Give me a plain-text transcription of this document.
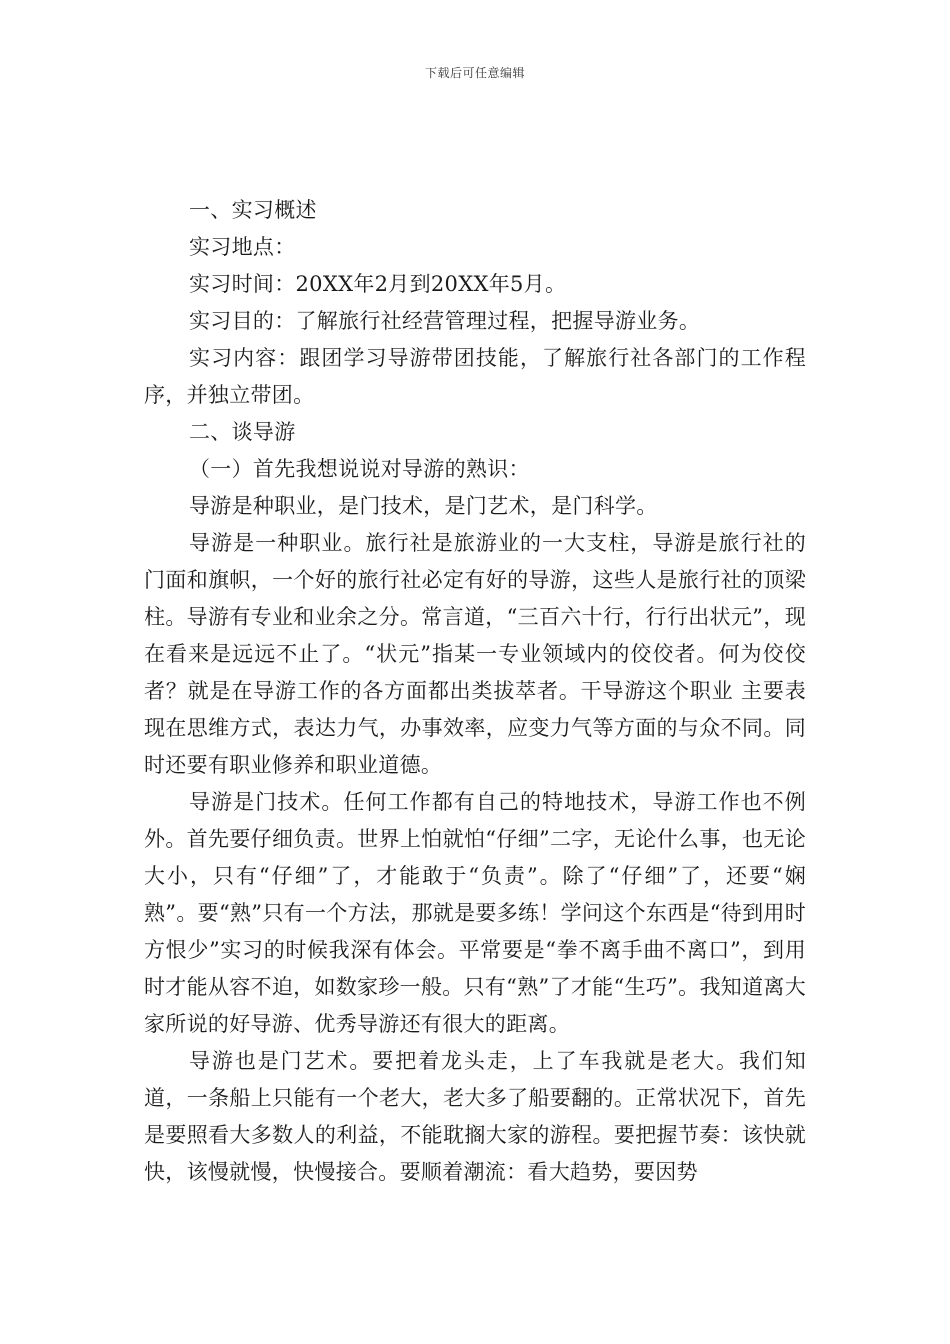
下载后可任意编辑

一、实习概述

实习地点：

实习时间：20XX年2月到20XX年5月。

实习目的：了解旅行社经营管理过程，把握导游业务。

实习内容：跟团学习导游带团技能，了解旅行社各部门的工作程序，并独立带团。

二、谈导游

（一）首先我想说说对导游的熟识：

导游是种职业，是门技术，是门艺术，是门科学。

导游是一种职业。旅行社是旅游业的一大支柱，导游是旅行社的门面和旗帜，一个好的旅行社必定有好的导游，这些人是旅行社的顶梁柱。导游有专业和业余之分。常言道，“三百六十行，行行出状元”，现在看来是远远不止了。“状元”指某一专业领域内的佼佼者。何为佼佼者？就是在导游工作的各方面都出类拔萃者。干导游这个职业 主要表现在思维方式，表达力气，办事效率，应变力气等方面的与众不同。同时还要有职业修养和职业道德。

导游是门技术。任何工作都有自己的特地技术，导游工作也不例外。首先要仔细负责。世界上怕就怕“仔细”二字，无论什么事，也无论大小，只有“仔细”了，才能敢于“负责”。除了“仔细”了，还要“娴熟”。要“熟”只有一个方法，那就是要多练！学问这个东西是“待到用时方恨少”实习的时候我深有体会。平常要是“拳不离手曲不离口”，到用时才能从容不迫，如数家珍一般。只有“熟”了才能“生巧”。我知道离大家所说的好导游、优秀导游还有很大的距离。

导游也是门艺术。要把着龙头走，上了车我就是老大。我们知道，一条船上只能有一个老大，老大多了船要翻的。正常状况下，首先是要照看大多数人的利益，不能耽搁大家的游程。要把握节奏：该快就快，该慢就慢，快慢接合。要顺着潮流：看大趋势，要因势
